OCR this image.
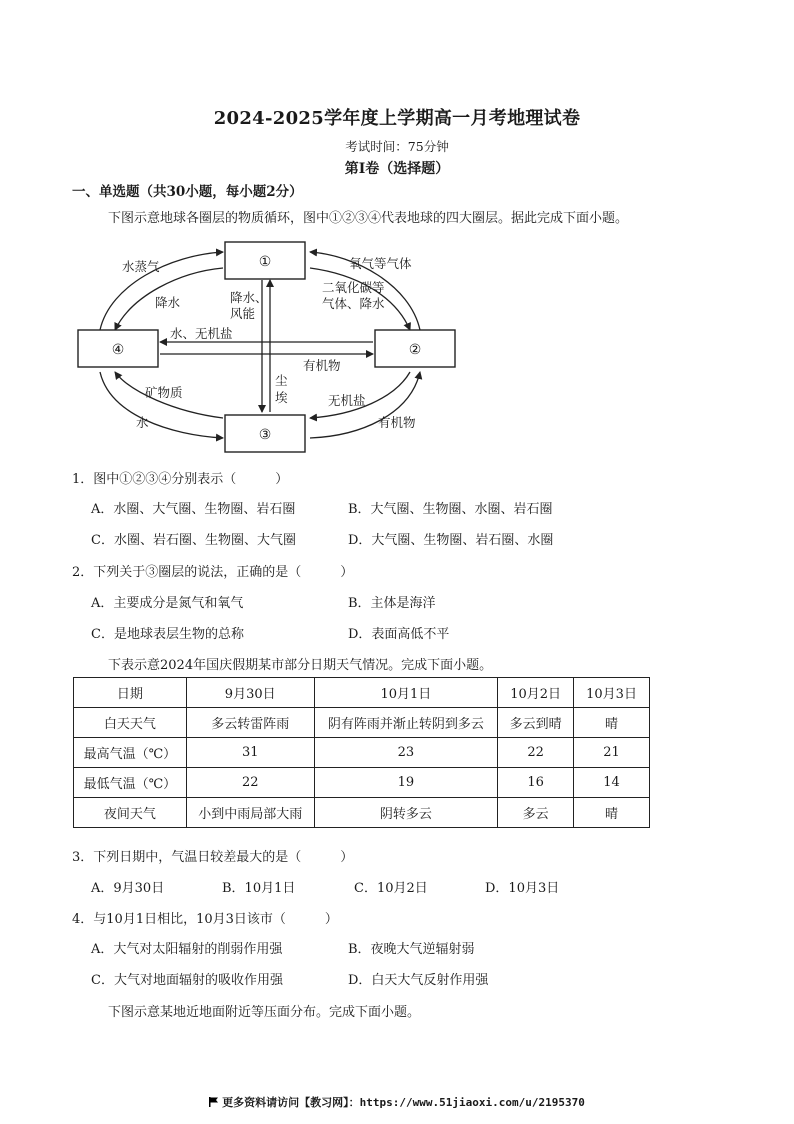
2024-2025学年度上学期高一月考地理试卷
考试时间：75分钟
第Ⅰ卷（选择题）
一、单选题（共30小题，每小题2分）
下图示意地球各圈层的物质循环，图中①②③④代表地球的四大圈层。据此完成下面小题。
①
②
③
④
水蒸气
降水	降水、
风能
氧气等气体
二氧化碳等
气体、降水
水、无机盐
有机物
尘
埃
矿物质
水
无机盐
有机物
1．图中①②③④分别表示（　　　）
A．水圈、大气圈、生物圈、岩石圈	B．大气圈、生物圈、水圈、岩石圈
C．水圈、岩石圈、生物圈、大气圈	D．大气圈、生物圈、岩石圈、水圈
2．下列关于③圈层的说法，正确的是（　　　）
A．主要成分是氮气和氧气	B．主体是海洋
C．是地球表层生物的总称	D．表面高低不平
下表示意2024年国庆假期某市部分日期天气情况。完成下面小题。
日期	9月30日	10月1日	10月2日	10月3日
白天天气	多云转雷阵雨	阴有阵雨并渐止转阴到多云	多云到晴	晴
最高气温（℃）	31	23	22	21
最低气温（℃）	22	19	16	14
夜间天气	小到中雨局部大雨	阴转多云	多云	晴
3．下列日期中，气温日较差最大的是（　　　）
A．9月30日	B．10月1日	C．10月2日	D．10月3日
4．与10月1日相比，10月3日该市（　　　）
A．大气对太阳辐射的削弱作用强	B．夜晚大气逆辐射弱
C．大气对地面辐射的吸收作用强	D．白天大气反射作用强
下图示意某地近地面附近等压面分布。完成下面小题。
更多资料请访问【教习网】：https://www.51jiaoxi.com/u/2195370
